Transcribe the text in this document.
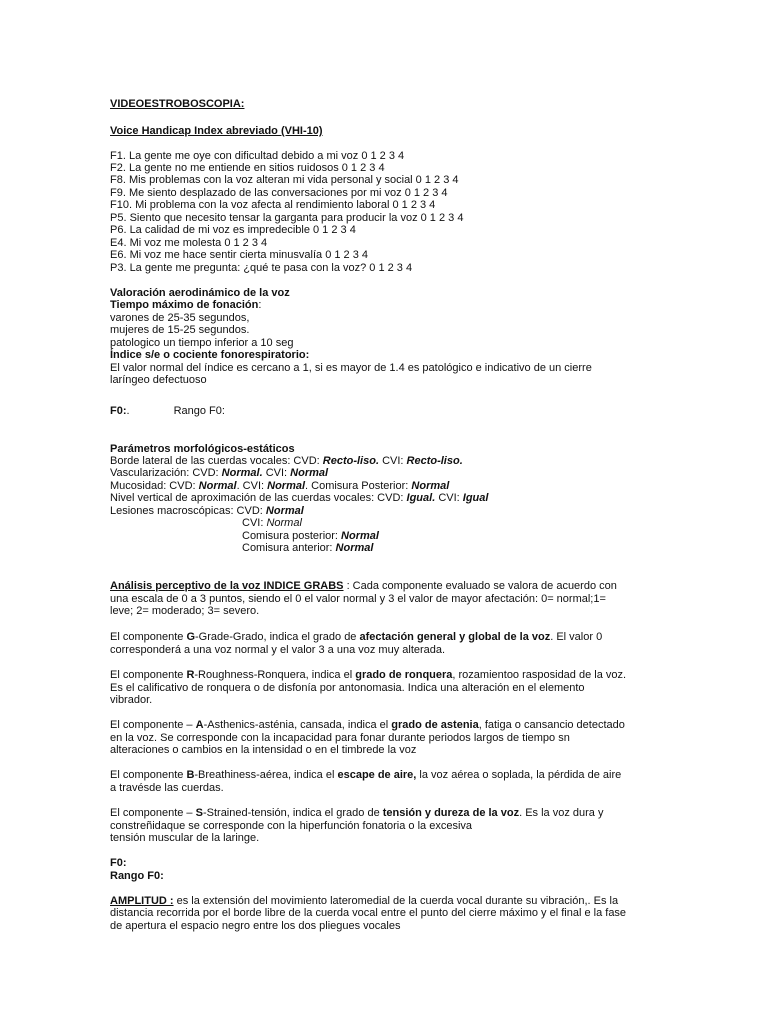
VIDEOESTROBOSCOPIA:
Voice Handicap Index abreviado (VHI-10)
F1. La gente me oye con dificultad debido a mi voz 0 1 2 3 4
F2. La gente no me entiende en sitios ruidosos 0 1 2 3 4
F8. Mis problemas con la voz alteran mi vida personal y social 0 1 2 3 4
F9. Me siento desplazado de las conversaciones por mi voz 0 1 2 3 4
F10. Mi problema con la voz afecta al rendimiento laboral 0 1 2 3 4
P5. Siento que necesito tensar la garganta para producir la voz 0 1 2 3 4
P6. La calidad de mi voz es impredecible 0 1 2 3 4
E4. Mi voz me molesta 0 1 2 3 4
E6. Mi voz me hace sentir cierta minusvalía 0 1 2 3 4
P3. La gente me pregunta: ¿qué te pasa con la voz? 0 1 2 3 4
Valoración aerodinámico de la voz
Tiempo máximo de fonación:
varones de 25-35 segundos,
mujeres de 15-25 segundos.
patologico un tiempo inferior a 10 seg
Índice s/e o cociente fonorespiratorio:
El valor normal del índice es cercano a 1, si es mayor de 1.4 es patológico e indicativo de un cierre
laríngeo defectuoso
F0:.	Rango F0:
Parámetros morfológicos-estáticos
Borde lateral de las cuerdas vocales: CVD: Recto-liso. CVI: Recto-liso.
Vascularización: CVD: Normal. CVI: Normal
Mucosidad: CVD: Normal. CVI: Normal. Comisura Posterior: Normal
Nivel vertical de aproximación de las cuerdas vocales: CVD: Igual. CVI: Igual
Lesiones macroscópicas: CVD: Normal
CVI: Normal
Comisura posterior: Normal
Comisura anterior: Normal
Análisis perceptivo de la voz INDICE GRABS : Cada componente evaluado se valora de acuerdo con
una escala de 0 a 3 puntos, siendo el 0 el valor normal y 3 el valor de mayor afectación: 0= normal;1=
leve; 2= moderado; 3= severo.
El componente G-Grade-Grado, indica el grado de afectación general y global de la voz. El valor 0
corresponderá a una voz normal y el valor 3 a una voz muy alterada.
El componente R-Roughness-Ronquera, indica el grado de ronquera, rozamientoo rasposidad de la voz.
Es el calificativo de ronquera o de disfonía por antonomasia. Indica una alteración en el elemento
vibrador.
El componente – A-Asthenics-asténia, cansada, indica el grado de astenia, fatiga o cansancio detectado
en la voz. Se corresponde con la incapacidad para fonar durante periodos largos de tiempo sn
alteraciones o cambios en la intensidad o en el timbrede la voz
El componente B-Breathiness-aérea, indica el escape de aire, la voz aérea o soplada, la pérdida de aire
a travésde las cuerdas.
El componente – S-Strained-tensión, indica el grado de tensión y dureza de la voz. Es la voz dura y
constreñidaque se corresponde con la hiperfunción fonatoria o la excesiva
tensión muscular de la laringe.
F0:
Rango F0:
AMPLITUD : es la extensión del movimiento lateromedial de la cuerda vocal durante su vibración,. Es la
distancia recorrida por el borde libre de la cuerda vocal entre el punto del cierre máximo y el final e la fase
de apertura el espacio negro entre los dos pliegues vocales
